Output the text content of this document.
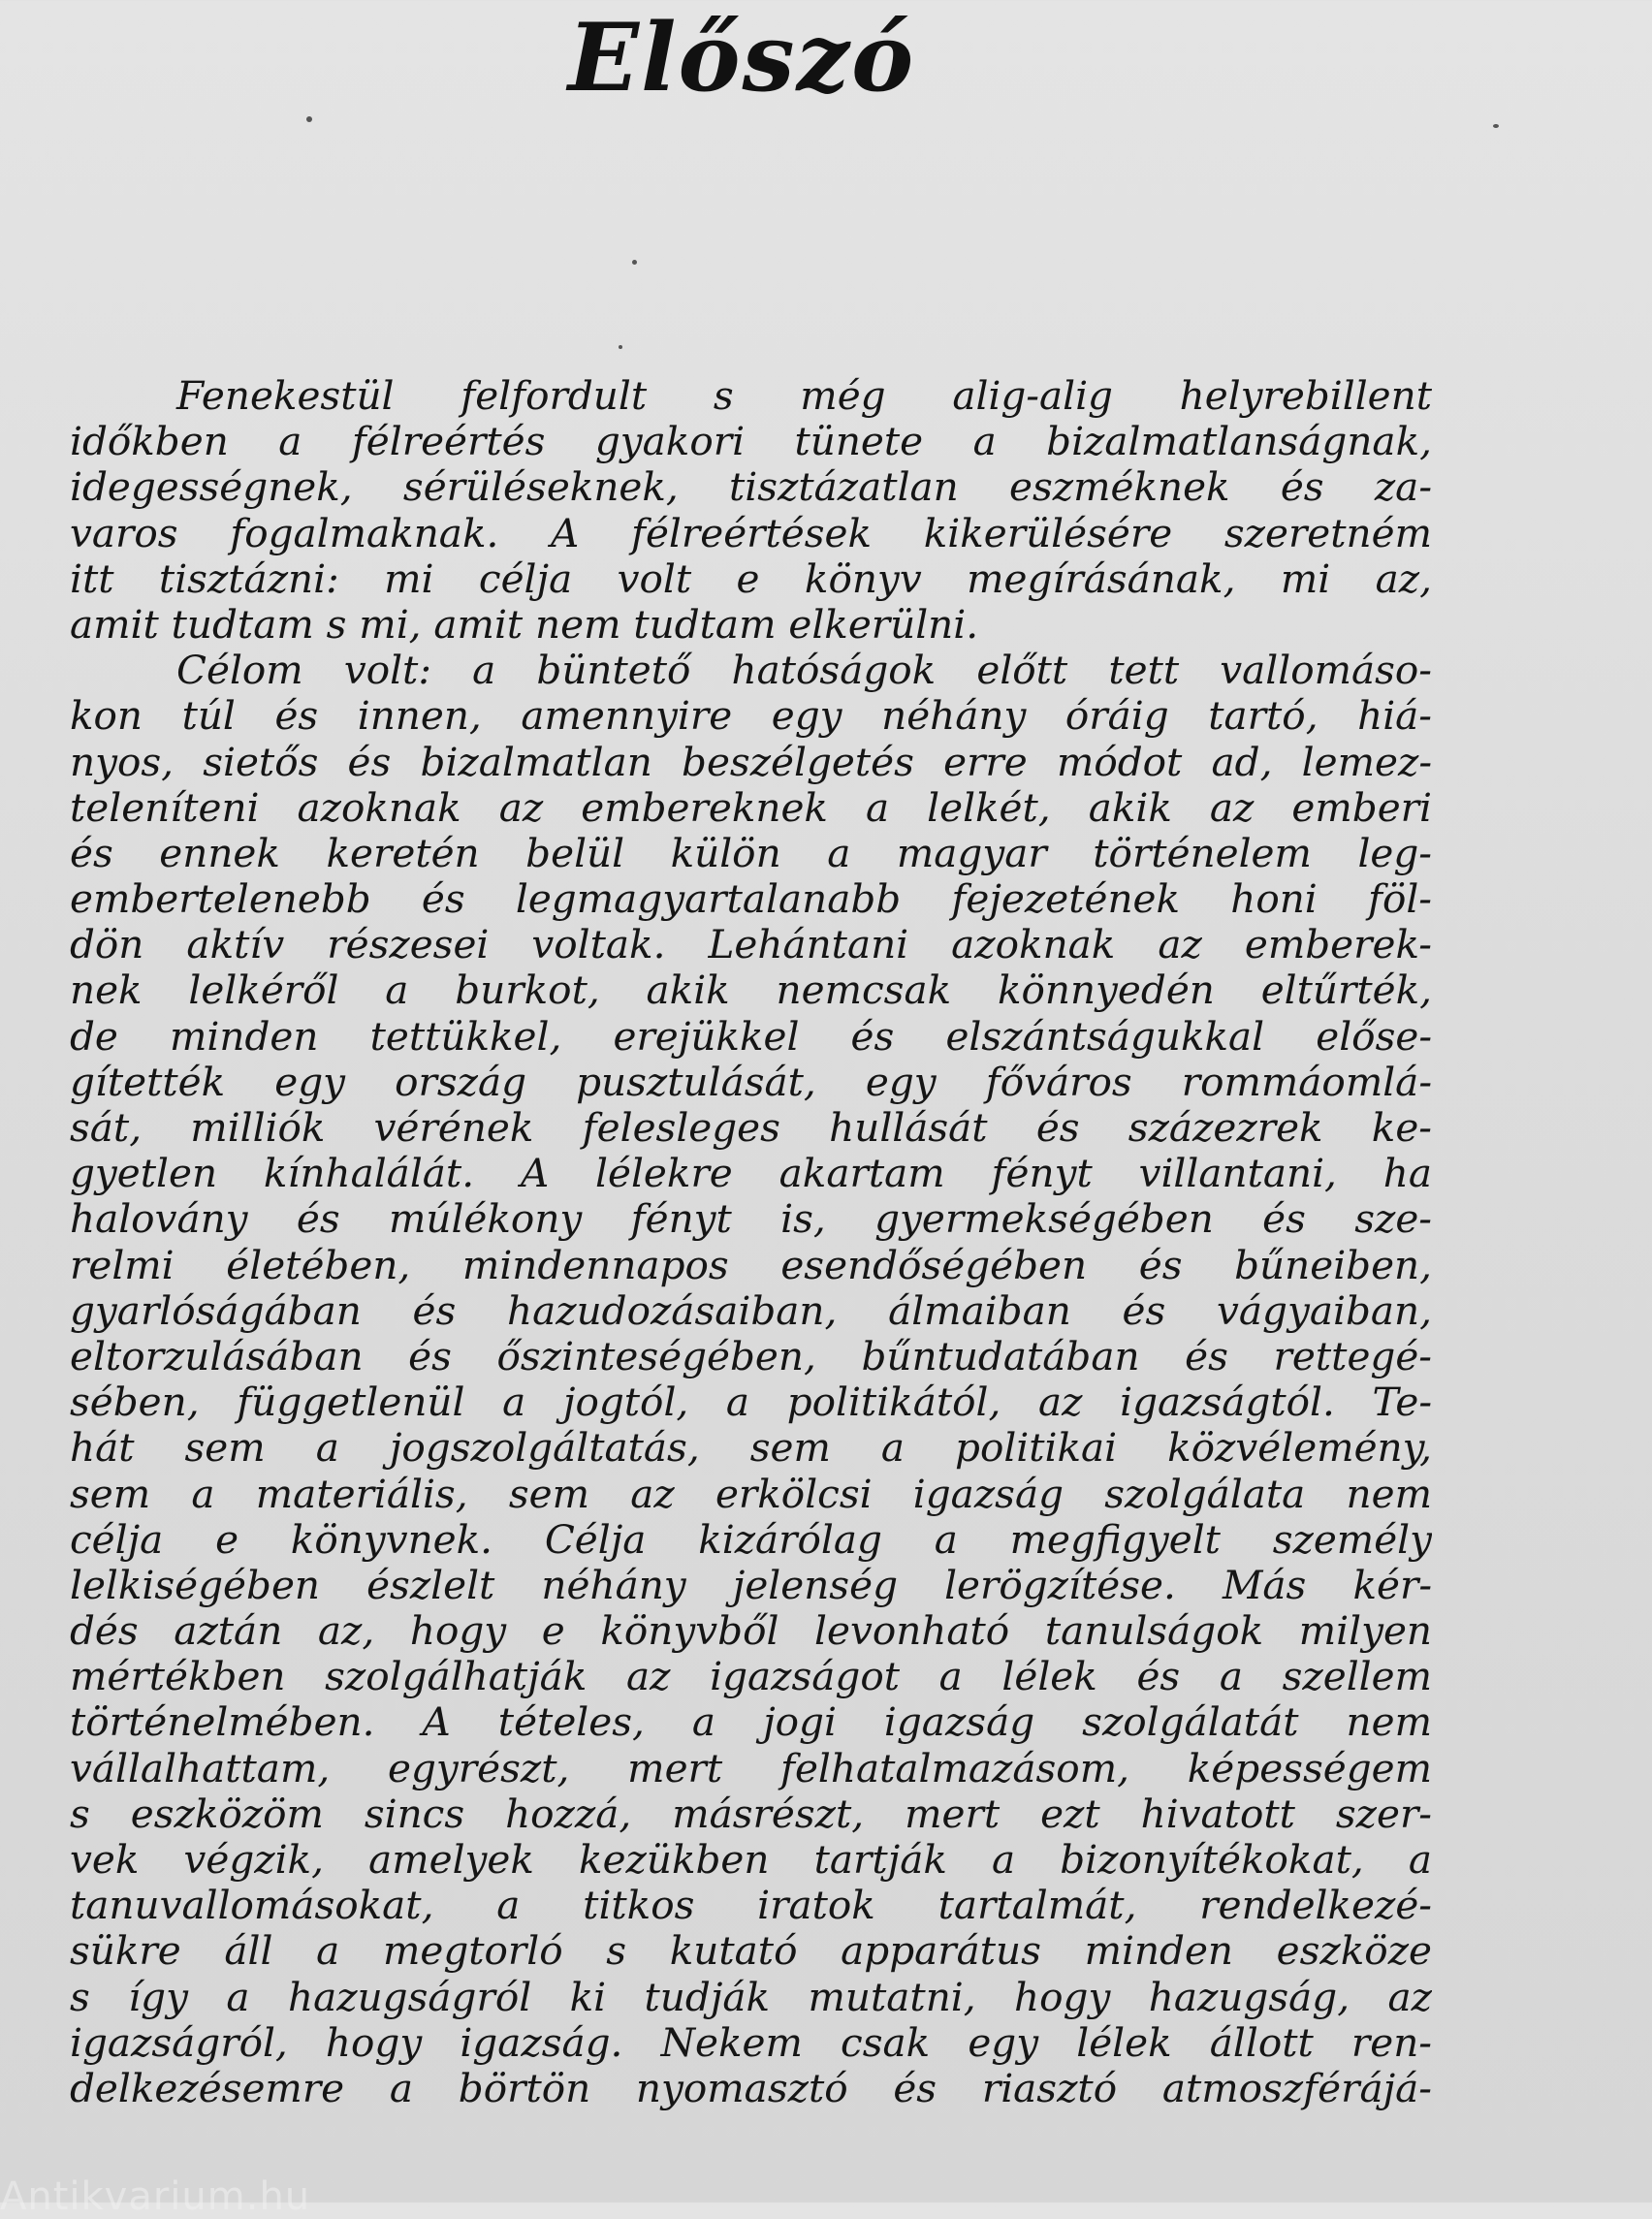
Előszó
Fenekestül felfordult s még alig-alig helyrebillent
időkben a félreértés gyakori tünete a bizalmatlanságnak,
idegességnek, sérüléseknek, tisztázatlan eszméknek és za-
varos fogalmaknak. A félreértések kikerülésére szeretném
itt tisztázni: mi célja volt e könyv megírásának, mi az,
amit tudtam s mi, amit nem tudtam elkerülni.
Célom volt: a büntető hatóságok előtt tett vallomáso-
kon túl és innen, amennyire egy néhány óráig tartó, hiá-
nyos, sietős és bizalmatlan beszélgetés erre módot ad, lemez-
teleníteni azoknak az embereknek a lelkét, akik az emberi
és ennek keretén belül külön a magyar történelem leg-
embertelenebb és legmagyartalanabb fejezetének honi föl-
dön aktív részesei voltak. Lehántani azoknak az emberek-
nek lelkéről a burkot, akik nemcsak könnyedén eltűrték,
de minden tettükkel, erejükkel és elszántságukkal előse-
gítették egy ország pusztulását, egy főváros rommáomlá-
sát, milliók vérének felesleges hullását és százezrek ke-
gyetlen kínhalálát. A lélekre akartam fényt villantani, ha
halovány és múlékony fényt is, gyermekségében és sze-
relmi életében, mindennapos esendőségében és bűneiben,
gyarlóságában és hazudozásaiban, álmaiban és vágyaiban,
eltorzulásában és őszinteségében, bűntudatában és rettegé-
sében, függetlenül a jogtól, a politikától, az igazságtól. Te-
hát sem a jogszolgáltatás, sem a politikai közvélemény,
sem a materiális, sem az erkölcsi igazság szolgálata nem
célja e könyvnek. Célja kizárólag a megfigyelt személy
lelkiségében észlelt néhány jelenség lerögzítése. Más kér-
dés aztán az, hogy e könyvből levonható tanulságok milyen
mértékben szolgálhatják az igazságot a lélek és a szellem
történelmében. A tételes, a jogi igazság szolgálatát nem
vállalhattam, egyrészt, mert felhatalmazásom, képességem
s eszközöm sincs hozzá, másrészt, mert ezt hivatott szer-
vek végzik, amelyek kezükben tartják a bizonyítékokat, a
tanuvallomásokat, a titkos iratok tartalmát, rendelkezé-
sükre áll a megtorló s kutató apparátus minden eszköze
s így a hazugságról ki tudják mutatni, hogy hazugság, az
igazságról, hogy igazság. Nekem csak egy lélek állott ren-
delkezésemre a börtön nyomasztó és riasztó atmoszférájá-
Antikvarium.hu
